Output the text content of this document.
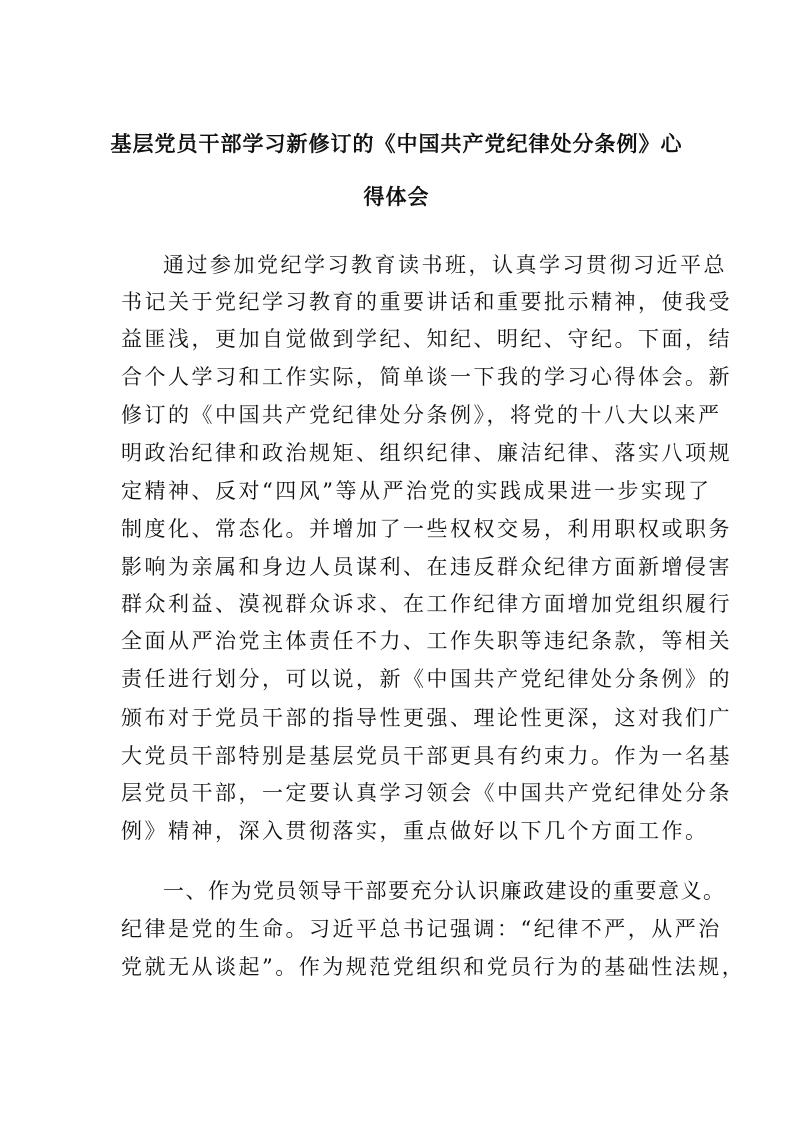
基层党员干部学习新修订的《中国共产党纪律处分条例》心
得体会
通过参加党纪学习教育读书班，认真学习贯彻习近平总
书记关于党纪学习教育的重要讲话和重要批示精神，使我受
益匪浅，更加自觉做到学纪、知纪、明纪、守纪。下面，结
合个人学习和工作实际，简单谈一下我的学习心得体会。新
修订的《中国共产党纪律处分条例》，将党的十八大以来严
明政治纪律和政治规矩、组织纪律、廉洁纪律、落实八项规
定精神、反对“四风”等从严治党的实践成果进一步实现了
制度化、常态化。并增加了一些权权交易，利用职权或职务
影响为亲属和身边人员谋利、在违反群众纪律方面新增侵害
群众利益、漠视群众诉求、在工作纪律方面增加党组织履行
全面从严治党主体责任不力、工作失职等违纪条款，等相关
责任进行划分，可以说，新《中国共产党纪律处分条例》的
颁布对于党员干部的指导性更强、理论性更深，这对我们广
大党员干部特别是基层党员干部更具有约束力。作为一名基
层党员干部，一定要认真学习领会《中国共产党纪律处分条
例》精神，深入贯彻落实，重点做好以下几个方面工作。
一、作为党员领导干部要充分认识廉政建设的重要意义。
纪律是党的生命。习近平总书记强调：“纪律不严，从严治
党就无从谈起”。作为规范党组织和党员行为的基础性法规，
